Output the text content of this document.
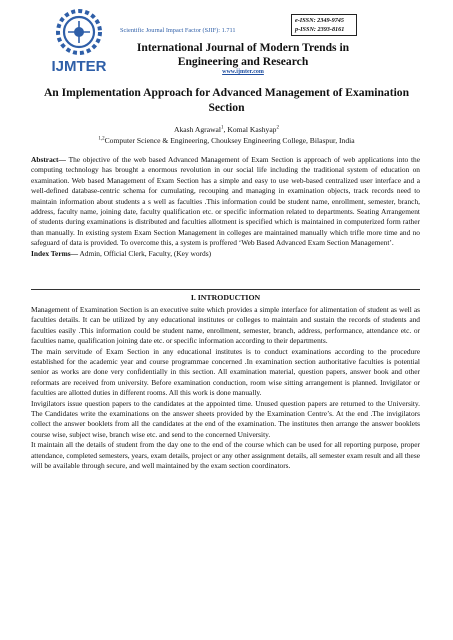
IJMTER
Scientific Journal Impact Factor (SJIF): 1.711
e-ISSN: 2349-9745
p-ISSN: 2393-8161
International Journal of Modern Trends in Engineering and Research
www.ijmter.com
An Implementation Approach for Advanced Management of Examination Section
Akash Agrawal$^1$, Komal Kashyap$^2$
$^{1,2}$Computer Science & Engineering, Chouksey Engineering College, Bilaspur, India
Abstract— The objective of the web based Advanced Management of Exam Section is approach of web applications into the computing technology has brought a enormous revolution in our social life including the traditional system of education on examination. Web based Management of Exam Section has a simple and easy to use web-based centralized user interface and a well-defined database-centric schema for cumulating, recouping and managing in examination objects, track records need to maintain information about students a s well as faculties .This information could be student name, enrollment, semester, branch, address, faculty name, joining date, faculty qualification etc. or specific information related to departments. Seating Arrangement of students during examinations is distributed and faculties allotment is specified which is maintained in computerized form rather than manually. In existing system Exam Section Management in colleges are maintained manually which trifle more time and no safeguard of data is provided. To overcome this, a system is proffered ‘Web Based Advanced Exam Section Management’.
Index Terms— Admin, Official Clerk, Faculty, (Key words)
I. INTRODUCTION

Management of Examination Section is an executive suite which provides a simple interface for alimentation of student as well as faculties details. It can be utilized by any educational institutes or colleges to maintain and sustain the records of students and faculties easily .This information could be student name, enrollment, semester, branch, address, performance, attendance etc. or faculties name, qualification joining date etc. or specific information according to their departments.

The main servitude of Exam Section in any educational institutes is to conduct examinations according to the procedure established for the academic year and course programmae concerned .In examination section authoritative faculties is potential senior as works are done very confidentially in this section. All examination material, question papers, answer book and other reformats are received from university. Before examination conduction, room wise sitting arrangement is planned. Invigilator or faculties are allotted duties in different rooms. All this work is done manually.

Invigilators issue question papers to the candidates at the appointed time. Unused question papers are returned to the University. The Candidates write the examinations on the answer sheets provided by the Examination Centre’s. At the end .The invigilators collect the answer booklets from all the candidates at the end of the examination. The institutes then arrange the answer booklets course wise, subject wise, branch wise etc. and send to the concerned University.

It maintain all the details of student from the day one to the end of the course which can be used for all reporting purpose, proper attendance, completed semesters, years, exam details, project or any other assignment details, all semester exam result and all these will be available through secure, and well maintained by the exam section coordinators.
